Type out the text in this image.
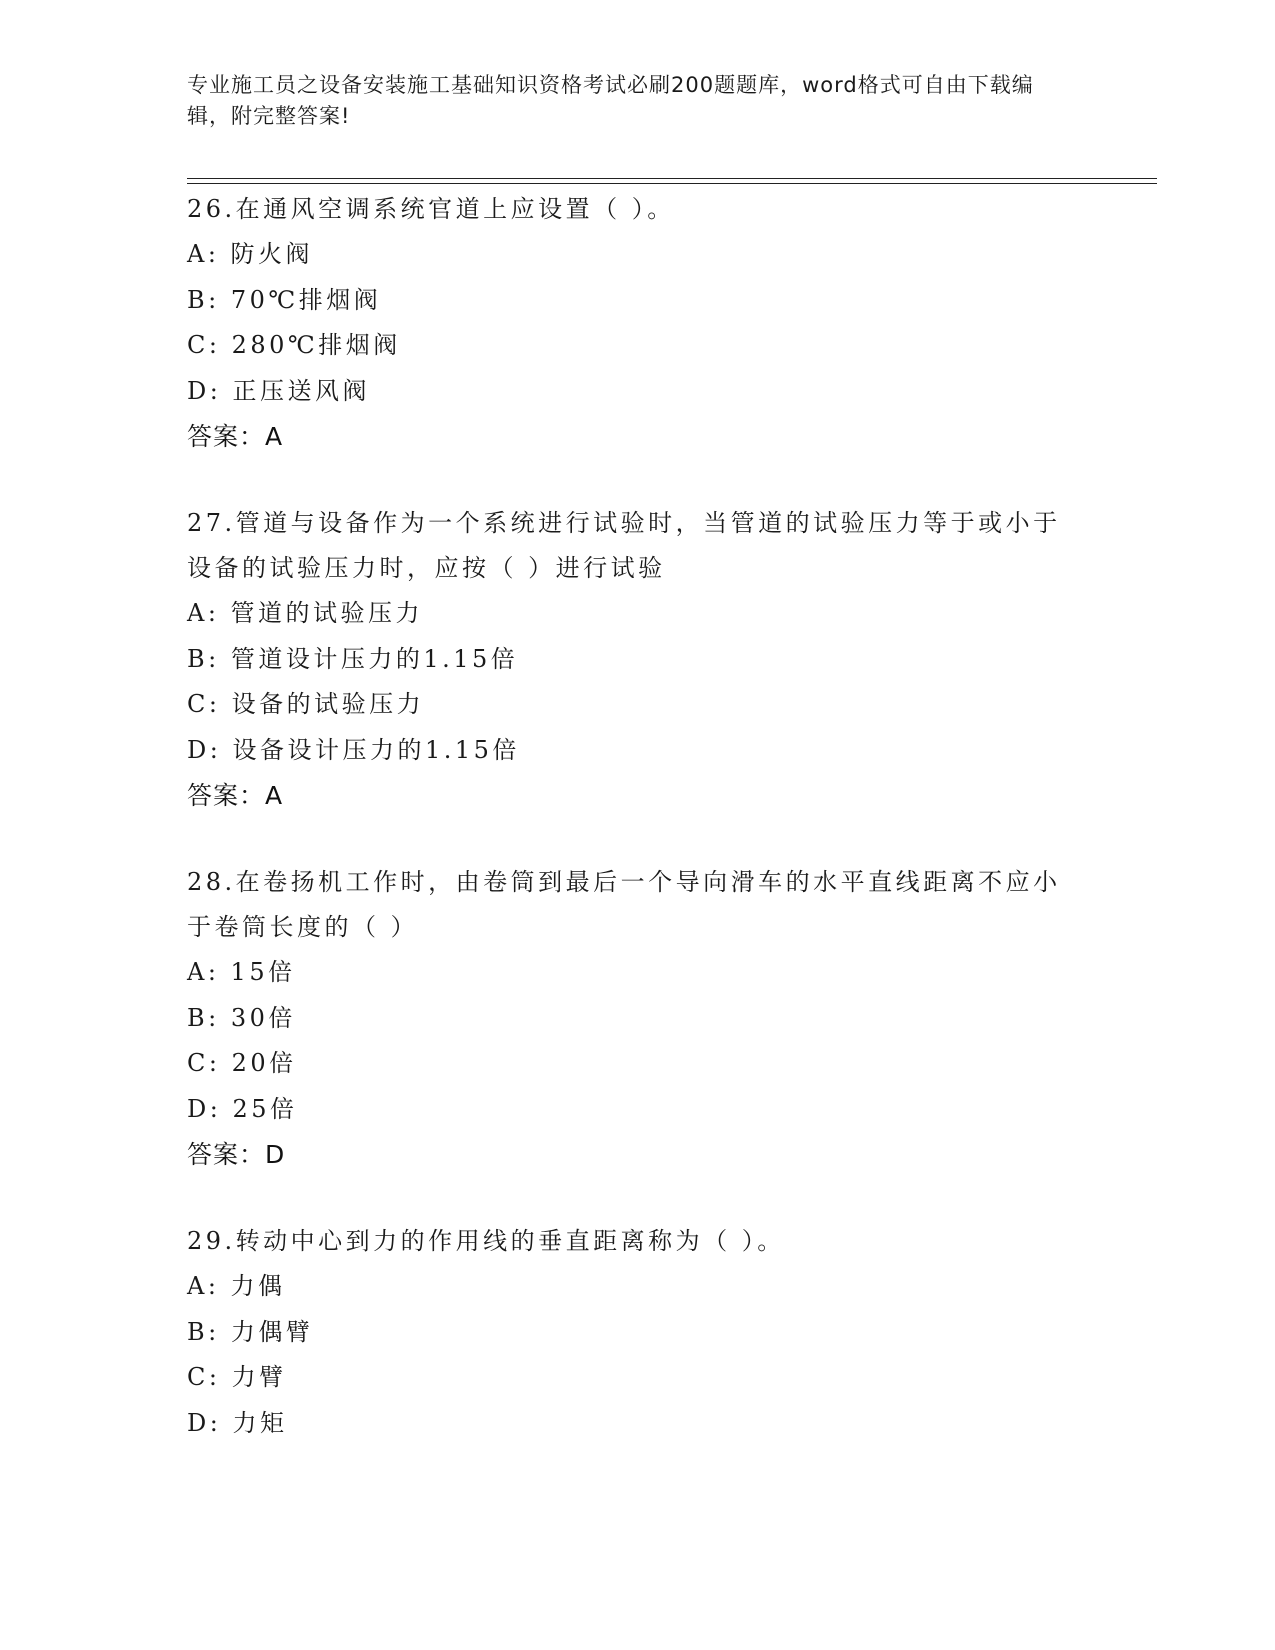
专业施工员之设备安装施工基础知识资格考试必刷200题题库，word格式可自由下载编辑，附完整答案!
26.在通风空调系统官道上应设置（ ）。
A: 防火阀
B: 70℃排烟阀
C: 280℃排烟阀
D: 正压送风阀
答案：A
27.管道与设备作为一个系统进行试验时，当管道的试验压力等于或小于设备的试验压力时，应按（ ）进行试验
A: 管道的试验压力
B: 管道设计压力的1.15倍
C: 设备的试验压力
D: 设备设计压力的1.15倍
答案：A
28.在卷扬机工作时，由卷筒到最后一个导向滑车的水平直线距离不应小于卷筒长度的（ ）
A: 15倍
B: 30倍
C: 20倍
D: 25倍
答案：D
29.转动中心到力的作用线的垂直距离称为（ ）。
A: 力偶
B: 力偶臂
C: 力臂
D: 力矩
